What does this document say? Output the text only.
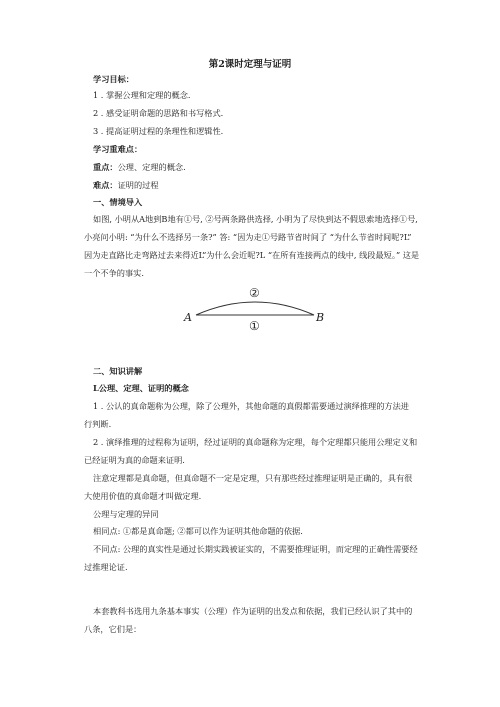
第2课时定理与证明
学习目标：
1 . 掌握公理和定理的概念.
2 . 感受证明命题的思路和书写格式.
3 . 提高证明过程的条理性和逻辑性.
学习重难点：
重点：公理、定理的概念.
难点：证明的过程
一、情境导入
如图, 小明从A地到B地有①号, ②号两条路供选择, 小明为了尽快到达不假思索地选择①号,
小亮问小明: “为什么不选择另一条?” 答: “因为走①号路节省时间了 “为什么节省时间呢?L”
因为走直路比走弯路过去来得近L”为什么会近呢?L “在所有连接两点的线中, 线段最短。” 这是
一个不争的事实.
A	B
②
①
二、知识讲解
L公理、定理、证明的概念
1 . 公认的真命题称为公理，除了公理外，其他命题的真假都需要通过演绎推理的方法进
行判断.
2 . 演绎推理的过程称为证明，经过证明的真命题称为定理，每个定理都只能用公理定义和
已经证明为真的命题来证明.
注意定理都是真命题，但真命题不一定是定理，只有那些经过推理证明是正确的，具有很
大使用价值的真命题才叫做定理.
公理与定理的异同
相同点: ①都是真命题; ②都可以作为证明其他命题的依据.
不同点: 公理的真实性是通过长期实践被证实的，不需要推理证明，而定理的正确性需要经
过推理论证.
本套教科书选用九条基本事实（公理）作为证明的出发点和依据，我们已经认识了其中的
八条，它们是：
